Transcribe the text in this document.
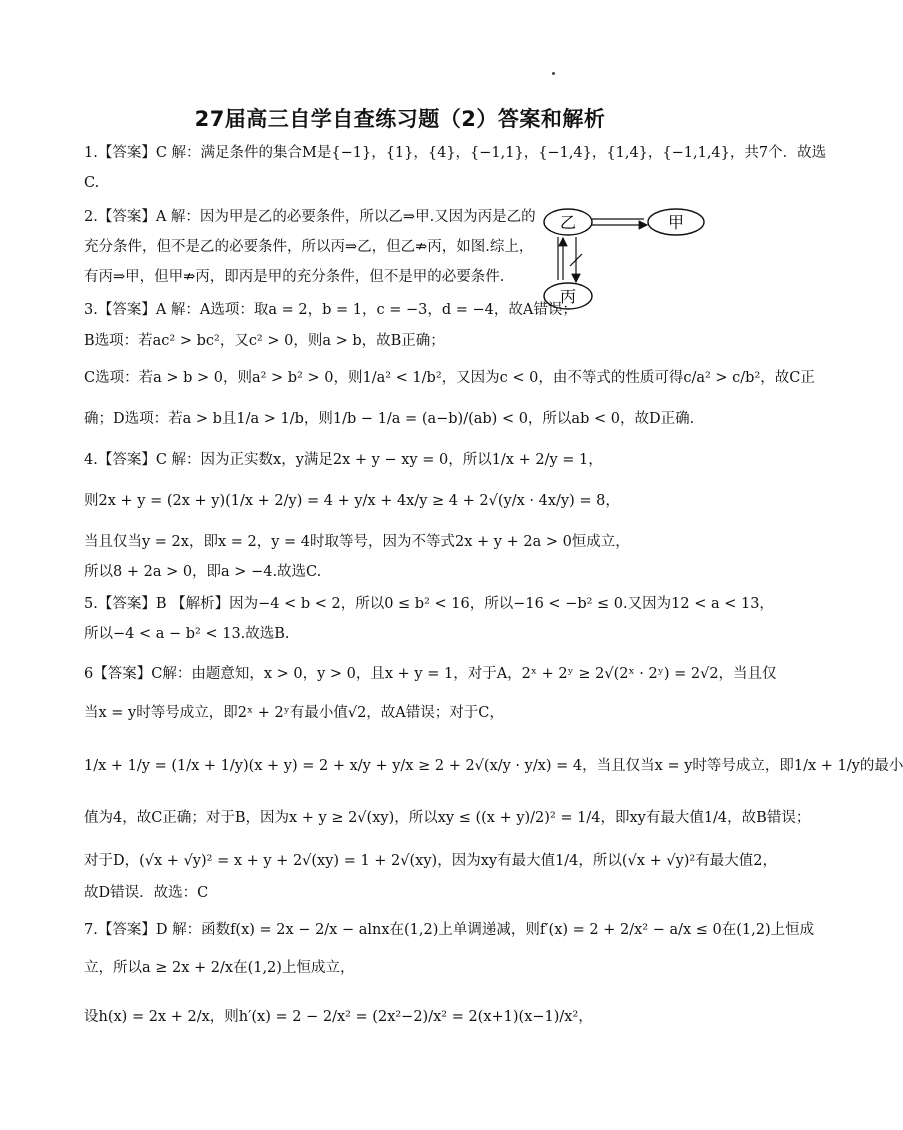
27届高三自学自查练习题（2）答案和解析
1.【答案】C 解：满足条件的集合M是{−1}，{1}，{4}，{−1,1}，{−1,4}，{1,4}，{−1,1,4}，共7个．故选
C.
2.【答案】A 解：因为甲是乙的必要条件，所以乙⇒甲.又因为丙是乙的
充分条件，但不是乙的必要条件，所以丙⇒乙，但乙⇏丙，如图.综上，
有丙⇒甲，但甲⇏丙，即丙是甲的充分条件，但不是甲的必要条件.
3.【答案】A 解：A选项：取a = 2，b = 1，c = −3，d = −4，故A错误；
B选项：若ac² > bc²，又c² > 0，则a > b，故B正确；
C选项：若a > b > 0，则a² > b² > 0，则1/a² < 1/b²，又因为c < 0，由不等式的性质可得c/a² > c/b²，故C正
确；D选项：若a > b且1/a > 1/b，则1/b − 1/a = (a−b)/(ab) < 0，所以ab < 0，故D正确.
4.【答案】C 解：因为正实数x，y满足2x + y − xy = 0，所以1/x + 2/y = 1，
则2x + y = (2x + y)(1/x + 2/y) = 4 + y/x + 4x/y ≥ 4 + 2√(y/x · 4x/y) = 8，
当且仅当y = 2x，即x = 2，y = 4时取等号，因为不等式2x + y + 2a > 0恒成立，
所以8 + 2a > 0，即a > −4.故选C.
5.【答案】B 【解析】因为−4 < b < 2，所以0 ≤ b² < 16，所以−16 < −b² ≤ 0.又因为12 < a < 13，
所以−4 < a − b² < 13.故选B.
6【答案】C解：由题意知，x > 0，y > 0，且x + y = 1，对于A，2ˣ + 2ʸ ≥ 2√(2ˣ · 2ʸ) = 2√2，当且仅
当x = y时等号成立，即2ˣ + 2ʸ有最小值√2，故A错误；对于C，
1/x + 1/y = (1/x + 1/y)(x + y) = 2 + x/y + y/x ≥ 2 + 2√(x/y · y/x) = 4，当且仅当x = y时等号成立，即1/x + 1/y的最小
值为4，故C正确；对于B，因为x + y ≥ 2√(xy)，所以xy ≤ ((x + y)/2)² = 1/4，即xy有最大值1/4，故B错误；
对于D，(√x + √y)² = x + y + 2√(xy) = 1 + 2√(xy)，因为xy有最大值1/4，所以(√x + √y)²有最大值2，
故D错误．故选：C
7.【答案】D 解：函数f(x) = 2x − 2/x − alnx在(1,2)上单调递减，则f′(x) = 2 + 2/x² − a/x ≤ 0在(1,2)上恒成
立，所以a ≥ 2x + 2/x在(1,2)上恒成立，
设h(x) = 2x + 2/x，则h′(x) = 2 − 2/x² = (2x²−2)/x² = 2(x+1)(x−1)/x²，
乙	甲
丙
